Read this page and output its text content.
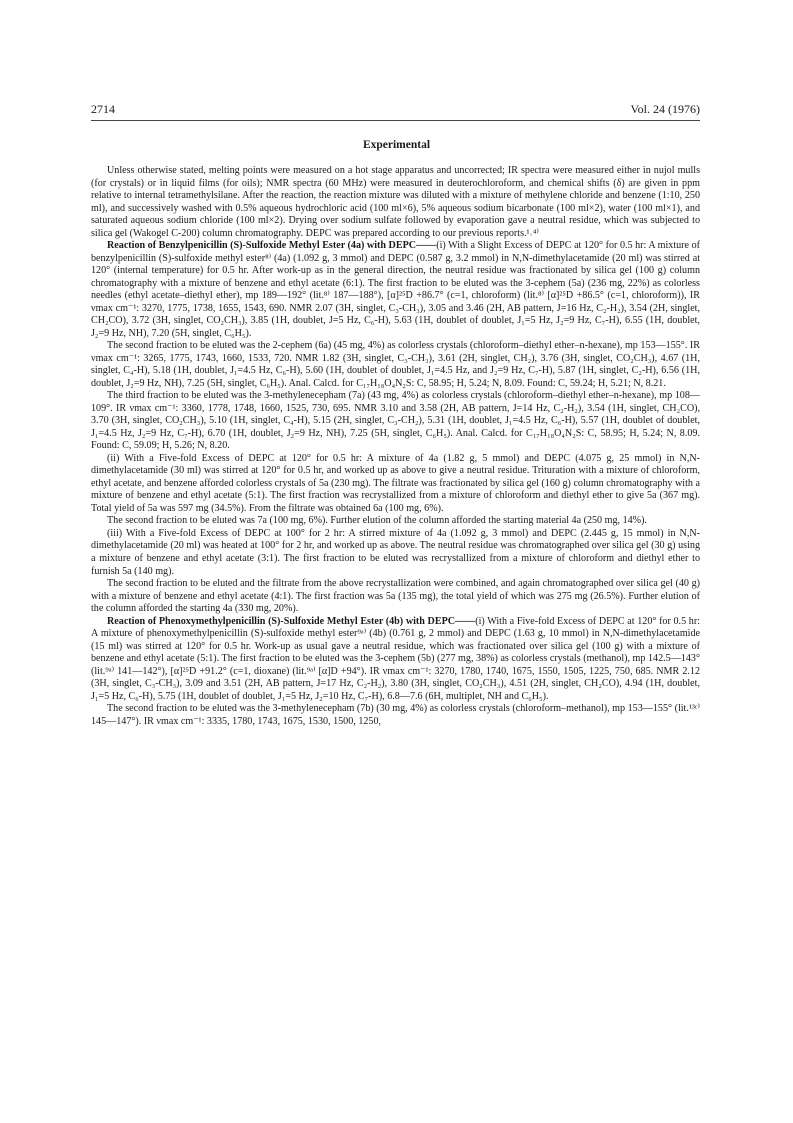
2714	Vol. 24 (1976)
Experimental

Unless otherwise stated, melting points were measured on a hot stage apparatus and uncorrected; IR spectra were measured either in nujol mulls (for crystals) or in liquid films (for oils); NMR spectra (60 MHz) were measured in deuterochloroform, and chemical shifts (δ) are given in ppm relative to internal tetramethylsilane. After the reaction, the reaction mixture was diluted with a mixture of methylene chloride and benzene (1:10, 250 ml), and successively washed with 0.5% aqueous hydrochloric acid (100 ml×6), 5% aqueous sodium bicarbonate (100 ml×2), water (100 ml×1), and saturated aqueous sodium chloride (100 ml×2). Drying over sodium sulfate followed by evaporation gave a neutral residue, which was subjected to silica gel (Wakogel C-200) column chromatography. DEPC was prepared according to our previous reports.¹˒⁴⁾

Reaction of Benzylpenicillin (S)-Sulfoxide Methyl Ester (4a) with DEPC——(i) With a Slight Excess of DEPC at 120° for 0.5 hr: A mixture of benzylpenicillin (S)-sulfoxide methyl ester⁸⁾ (4a) (1.092 g, 3 mmol) and DEPC (0.587 g, 3.2 mmol) in N,N-dimethylacetamide (20 ml) was stirred at 120° (internal temperature) for 0.5 hr. After work-up as in the general direction, the neutral residue was fractionated by silica gel (100 g) column chromatography with a mixture of benzene and ethyl acetate (6:1). The first fraction to be eluted was the 3-cephem (5a) (236 mg, 22%) as colorless needles (ethyl acetate–diethyl ether), mp 189—192° (lit.⁸⁾ 187—188°), [α]²⁵D +86.7° (c=1, chloroform) (lit.⁸⁾ [α]²⁵D +86.5° (c=1, chloroform)), IR νmax cm⁻¹: 3270, 1775, 1738, 1655, 1543, 690. NMR 2.07 (3H, singlet, C₃-CH₃), 3.05 and 3.46 (2H, AB pattern, J=16 Hz, C₂-H₂), 3.54 (2H, singlet, CH₂CO), 3.72 (3H, singlet, CO₂CH₃), 3.85 (1H, doublet, J=5 Hz, C₆-H), 5.63 (1H, doublet of doublet, J₁=5 Hz, J₂=9 Hz, C₇-H), 6.55 (1H, doublet, J₂=9 Hz, NH), 7.20 (5H, singlet, C₆H₅).

The second fraction to be eluted was the 2-cephem (6a) (45 mg, 4%) as colorless crystals (chloroform–diethyl ether–n-hexane), mp 153—155°. IR νmax cm⁻¹: 3265, 1775, 1743, 1660, 1533, 720. NMR 1.82 (3H, singlet, C₃-CH₃), 3.61 (2H, singlet, CH₂), 3.76 (3H, singlet, CO₂CH₃), 4.67 (1H, singlet, C₄-H), 5.18 (1H, doublet, J₁=4.5 Hz, C₆-H), 5.60 (1H, doublet of doublet, J₁=4.5 Hz, and J₂=9 Hz, C₇-H), 5.87 (1H, singlet, C₂-H), 6.56 (1H, doublet, J₂=9 Hz, NH), 7.25 (5H, singlet, C₆H₅). Anal. Calcd. for C₁₇H₁₈O₄N₂S: C, 58.95; H, 5.24; N, 8.09. Found: C, 59.24; H, 5.21; N, 8.21.

The third fraction to be eluted was the 3-methylenecepham (7a) (43 mg, 4%) as colorless crystals (chloroform–diethyl ether–n-hexane), mp 108—109°. IR νmax cm⁻¹: 3360, 1778, 1748, 1660, 1525, 730, 695. NMR 3.10 and 3.58 (2H, AB pattern, J=14 Hz, C₂-H₂), 3.54 (1H, singlet, CH₂CO), 3.70 (3H, singlet, CO₂CH₃), 5.10 (1H, singlet, C₄-H), 5.15 (2H, singlet, C₃-CH₂), 5.31 (1H, doublet, J₁=4.5 Hz, C₆-H), 5.57 (1H, doublet of doublet, J₁=4.5 Hz, J₂=9 Hz, C₇-H), 6.70 (1H, doublet, J₂=9 Hz, NH), 7.25 (5H, singlet, C₆H₅). Anal. Calcd. for C₁₇H₁₈O₄N₂S: C, 58.95; H, 5.24; N, 8.09. Found: C, 59.09; H, 5.26; N, 8.20.

(ii) With a Five-fold Excess of DEPC at 120° for 0.5 hr: A mixture of 4a (1.82 g, 5 mmol) and DEPC (4.075 g, 25 mmol) in N,N-dimethylacetamide (30 ml) was stirred at 120° for 0.5 hr, and worked up as above to give a neutral residue. Trituration with a mixture of chloroform, ethyl acetate, and benzene afforded colorless crystals of 5a (230 mg). The filtrate was fractionated by silica gel (160 g) column chromatography with a mixture of benzene and ethyl acetate (5:1). The first fraction was recrystallized from a mixture of chloroform and diethyl ether to give 5a (367 mg). Total yield of 5a was 597 mg (34.5%). From the filtrate was obtained 6a (100 mg, 6%).

The second fraction to be eluted was 7a (100 mg, 6%). Further elution of the column afforded the starting material 4a (250 mg, 14%).

(iii) With a Five-fold Excess of DEPC at 100° for 2 hr: A stirred mixture of 4a (1.092 g, 3 mmol) and DEPC (2.445 g, 15 mmol) in N,N-dimethylacetamide (20 ml) was heated at 100° for 2 hr, and worked up as above. The neutral residue was chromatographed over silica gel (30 g) using a mixture of benzene and ethyl acetate (3:1). The first fraction to be eluted was recrystallized from a mixture of chloroform and diethyl ether to furnish 5a (140 mg).

The second fraction to be eluted and the filtrate from the above recrystallization were combined, and again chromatographed over silica gel (40 g) with a mixture of benzene and ethyl acetate (4:1). The first fraction was 5a (135 mg), the total yield of which was 275 mg (26.5%). Further elution of the column afforded the starting 4a (330 mg, 20%).

Reaction of Phenoxymethylpenicillin (S)-Sulfoxide Methyl Ester (4b) with DEPC——(i) With a Five-fold Excess of DEPC at 120° for 0.5 hr: A mixture of phenoxymethylpenicillin (S)-sulfoxide methyl ester⁹ᵃ⁾ (4b) (0.761 g, 2 mmol) and DEPC (1.63 g, 10 mmol) in N,N-dimethylacetamide (15 ml) was stirred at 120° for 0.5 hr. Work-up as usual gave a neutral residue, which was fractionated over silica gel (100 g) with a mixture of benzene and ethyl acetate (5:1). The first fraction to be eluted was the 3-cephem (5b) (277 mg, 38%) as colorless crystals (methanol), mp 142.5—143° (lit.⁹ᵃ⁾ 141—142°), [α]²⁵D +91.2° (c=1, dioxane) (lit.⁹ᵃ⁾ [α]D +94°). IR νmax cm⁻¹: 3270, 1780, 1740, 1675, 1550, 1505, 1225, 750, 685. NMR 2.12 (3H, singlet, C₃-CH₃), 3.09 and 3.51 (2H, AB pattern, J=17 Hz, C₂-H₂), 3.80 (3H, singlet, CO₂CH₃), 4.51 (2H, singlet, CH₂CO), 4.94 (1H, doublet, J₁=5 Hz, C₆-H), 5.75 (1H, doublet of doublet, J₁=5 Hz, J₂=10 Hz, C₇-H), 6.8—7.6 (6H, multiplet, NH and C₆H₅).

The second fraction to be eluted was the 3-methylenecepham (7b) (30 mg, 4%) as colorless crystals (chloroform–methanol), mp 153—155° (lit.¹³ᶜ⁾ 145—147°). IR νmax cm⁻¹: 3335, 1780, 1743, 1675, 1530, 1500, 1250,
